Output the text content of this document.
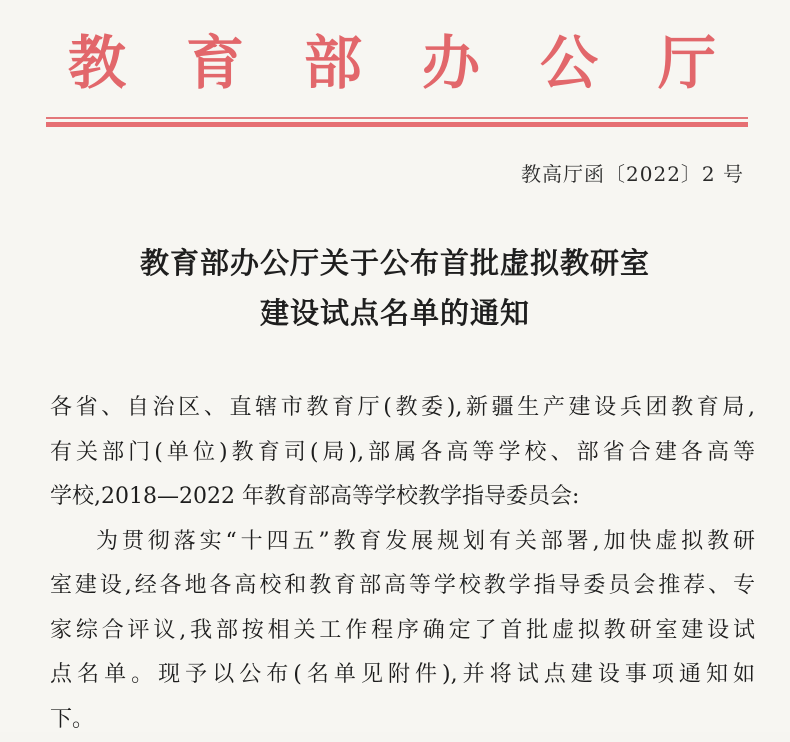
教 育 部 办 公 厅
教高厅函〔2022〕2 号
教育部办公厅关于公布首批虚拟教研室
建设试点名单的通知
各省、自治区、直辖市教育厅(教委),新疆生产建设兵团教育局,
有关部门(单位)教育司(局),部属各高等学校、部省合建各高等
学校,2018—2022 年教育部高等学校教学指导委员会:
为贯彻落实“十四五”教育发展规划有关部署,加快虚拟教研
室建设,经各地各高校和教育部高等学校教学指导委员会推荐、专
家综合评议,我部按相关工作程序确定了首批虚拟教研室建设试
点名单。现予以公布(名单见附件),并将试点建设事项通知如
下。
